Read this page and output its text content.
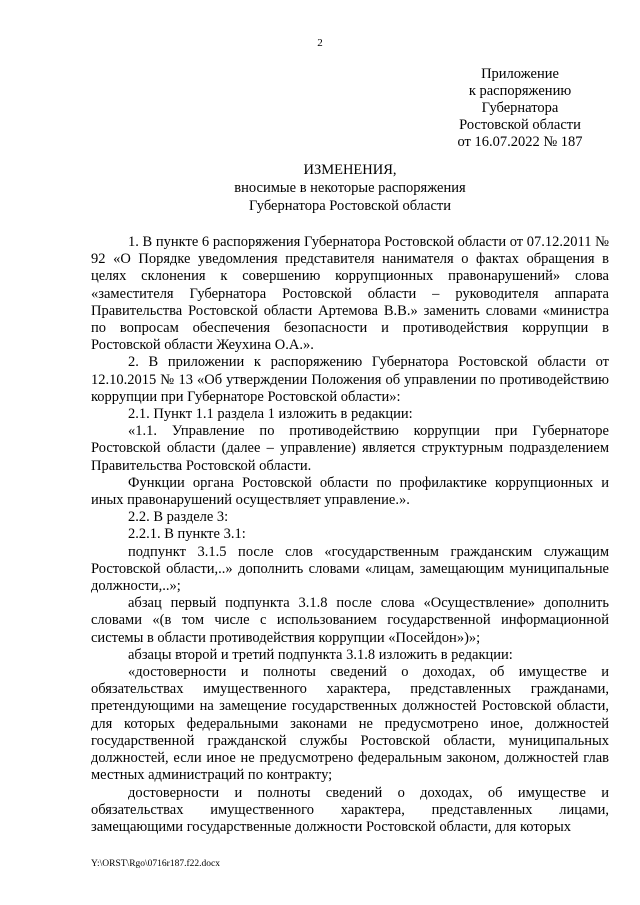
2
Приложение
к распоряжению
Губернатора
Ростовской области
от 16.07.2022 № 187
ИЗМЕНЕНИЯ,
вносимые в некоторые распоряжения
Губернатора Ростовской области

1. В пункте 6 распоряжения Губернатора Ростовской области от 07.12.2011 № 92 «О Порядке уведомления представителя нанимателя о фактах обращения в целях склонения к совершению коррупционных правонарушений» слова «заместителя Губернатора Ростовской области – руководителя аппарата Правительства Ростовской области Артемова В.В.» заменить словами «министра по вопросам обеспечения безопасности и противодействия коррупции в Ростовской области Жеухина О.А.».

2. В приложении к распоряжению Губернатора Ростовской области от 12.10.2015 № 13 «Об утверждении Положения об управлении по противодействию коррупции при Губернаторе Ростовской области»:

2.1. Пункт 1.1 раздела 1 изложить в редакции:

«1.1. Управление по противодействию коррупции при Губернаторе Ростовской области (далее – управление) является структурным подразделением Правительства Ростовской области.

Функции органа Ростовской области по профилактике коррупционных и иных правонарушений осуществляет управление.».

2.2. В разделе 3:

2.2.1. В пункте 3.1:

подпункт 3.1.5 после слов «государственным гражданским служащим Ростовской области,..» дополнить словами «лицам, замещающим муниципальные должности,..»;

абзац первый подпункта 3.1.8 после слова «Осуществление» дополнить словами «(в том числе с использованием государственной информационной системы в области противодействия коррупции «Посейдон»)»;

абзацы второй и третий подпункта 3.1.8 изложить в редакции:

«достоверности и полноты сведений о доходах, об имуществе и обязательствах имущественного характера, представленных гражданами, претендующими на замещение государственных должностей Ростовской области, для которых федеральными законами не предусмотрено иное, должностей государственной гражданской службы Ростовской области, муниципальных должностей, если иное не предусмотрено федеральным законом, должностей глав местных администраций по контракту;

достоверности и полноты сведений о доходах, об имуществе и обязательствах имущественного характера, представленных лицами, замещающими государственные должности Ростовской области, для которых

Y:\ORST\Rgo\0716r187.f22.docx
